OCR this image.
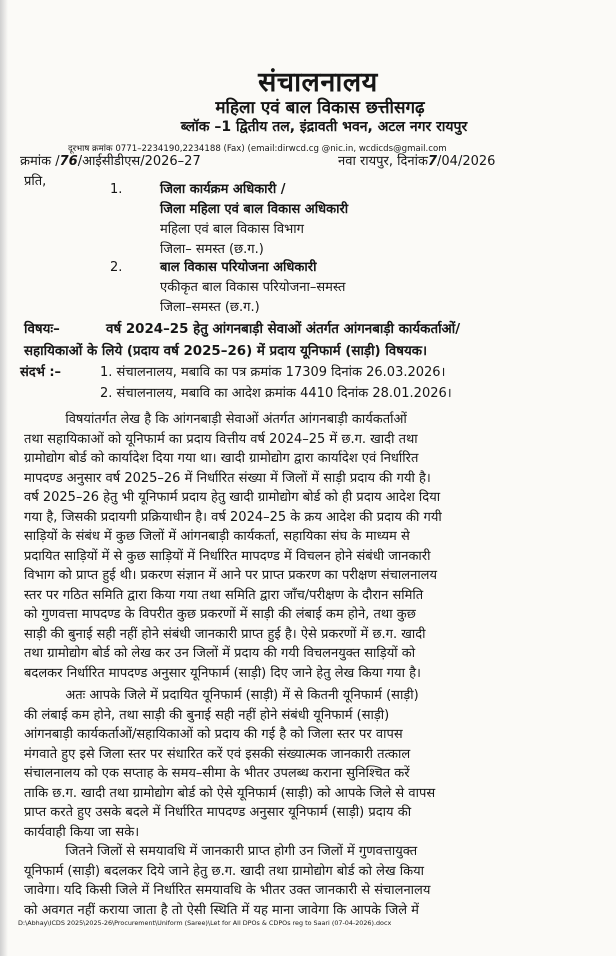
संचालनालय
महिला एवं बाल विकास छत्तीसगढ़
ब्लॉक –1 द्वितीय तल, इंद्रावती भवन, अटल नगर रायपुर
दूरभाष क्रमांक 0771–2234190,2234188 (Fax) (email:dirwcd.cg @nic.in, wcdicds@gmail.com
क्रमांक /76/आईसीडीएस/2026–27	नवा रायपुर, दिनांक7/04/2026
प्रति,
1.	जिला कार्यक्रम अधिकारी /
जिला महिला एवं बाल विकास अधिकारी
महिला एवं बाल विकास विभाग
जिला– समस्त (छ.ग.)
2.	बाल विकास परियोजना अधिकारी
एकीकृत बाल विकास परियोजना–समस्त
जिला–समस्त (छ.ग.)
विषयः–	वर्ष 2024–25 हेतु आंगनबाड़ी सेवाओं अंतर्गत आंगनबाड़ी कार्यकर्ताओं/
सहायिकाओं के लिये (प्रदाय वर्ष 2025–26) में प्रदाय यूनिफार्म (साड़ी) विषयक।
संदर्भ :–	1. संचालनालय, मबावि का पत्र क्रमांक 17309 दिनांक 26.03.2026।
2. संचालनालय, मबावि का आदेश क्रमांक 4410 दिनांक 28.01.2026।
विषयांतर्गत लेख है कि आंगनबाड़ी सेवाओं अंतर्गत आंगनबाड़ी कार्यकर्ताओं
तथा सहायिकाओं को यूनिफार्म का प्रदाय वित्तीय वर्ष 2024–25 में छ.ग. खादी तथा
ग्रामोद्योग बोर्ड को कार्यादेश दिया गया था। खादी ग्रामोद्योग द्वारा कार्यादेश एवं निर्धारित
मापदण्ड अनुसार वर्ष 2025–26 में निर्धारित संख्या में जिलों में साड़ी प्रदाय की गयी है।
वर्ष 2025–26 हेतु भी यूनिफार्म प्रदाय हेतु खादी ग्रामोद्योग बोर्ड को ही प्रदाय आदेश दिया
गया है, जिसकी प्रदायगी प्रक्रियाधीन है। वर्ष 2024–25 के क्रय आदेश की प्रदाय की गयी
साड़ियों के संबंध में कुछ जिलों में आंगनबाड़ी कार्यकर्ता, सहायिका संघ के माध्यम से
प्रदायित साड़ियों में से कुछ साड़ियों में निर्धारित मापदण्ड में विचलन होने संबंधी जानकारी
विभाग को प्राप्त हुई थी। प्रकरण संज्ञान में आने पर प्राप्त प्रकरण का परीक्षण संचालनालय
स्तर पर गठित समिति द्वारा किया गया तथा समिति द्वारा जाँच/परीक्षण के दौरान समिति
को गुणवत्ता मापदण्ड के विपरीत कुछ प्रकरणों में साड़ी की लंबाई कम होने, तथा कुछ
साड़ी की बुनाई सही नहीं होने संबंधी जानकारी प्राप्त हुई है। ऐसे प्रकरणों में छ.ग. खादी
तथा ग्रामोद्योग बोर्ड को लेख कर उन जिलों में प्रदाय की गयी विचलनयुक्त साड़ियों को
बदलकर निर्धारित मापदण्ड अनुसार यूनिफार्म (साड़ी) दिए जाने हेतु लेख किया गया है।
अतः आपके जिले में प्रदायित यूनिफार्म (साड़ी) में से कितनी यूनिफार्म (साड़ी)
की लंबाई कम होने, तथा साड़ी की बुनाई सही नहीं होने संबंधी यूनिफार्म (साड़ी)
आंगनबाड़ी कार्यकर्ताओं/सहायिकाओं को प्रदाय की गई है को जिला स्तर पर वापस
मंगवाते हुए इसे जिला स्तर पर संधारित करें एवं इसकी संख्यात्मक जानकारी तत्काल
संचालनालय को एक सप्ताह के समय–सीमा के भीतर उपलब्ध कराना सुनिश्चित करें
ताकि छ.ग. खादी तथा ग्रामोद्योग बोर्ड को ऐसे यूनिफार्म (साड़ी) को आपके जिले से वापस
प्राप्त करते हुए उसके बदले में निर्धारित मापदण्ड अनुसार यूनिफार्म (साड़ी) प्रदाय की
कार्यवाही किया जा सके।
जितने जिलों से समयावधि में जानकारी प्राप्त होगी उन जिलों में गुणवत्तायुक्त
यूनिफार्म (साड़ी) बदलकर दिये जाने हेतु छ.ग. खादी तथा ग्रामोद्योग बोर्ड को लेख किया
जावेगा। यदि किसी जिले में निर्धारित समयावधि के भीतर उक्त जानकारी से संचालनालय
को अवगत नहीं कराया जाता है तो ऐसी स्थिति में यह माना जावेगा कि आपके जिले में
D:\Abhay\ICDS 2025\2025-26\Procurement\Uniform (Saree)\Let for All DPOs & CDPOs reg to Saari (07-04-2026).docx
